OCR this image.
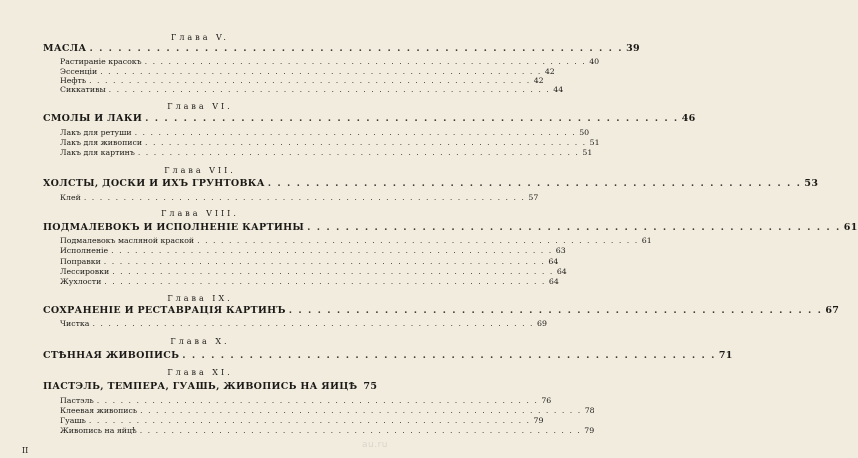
Глава V.
МАСЛА . . .	39
Растираніе красокъ . . .	40
Эссенціи . . .	42
Нефть . . .	42
Сиккативы . . .	44
Глава VI.
СМОЛЫ И ЛАКИ . . .	46
Лакъ для ретуши . . .	50
Лакъ для живописи . . .	51
Лакъ для картинъ . . .	51
Глава VII.
ХОЛСТЫ, ДОСКИ И ИХЪ ГРУНТОВКА . . .	53
Клей . . .	57
Глава VIII.
ПОДМАЛЕВОКЪ И ИСПОЛНЕНІЕ КАРТИНЫ . . .	61
Подмалевокъ масляной краской . . .	61
Исполненіе . . .	63
Поправки . . .	64
Лессировки . . .	64
Жухлости . . .	64
Глава IX.
СОХРАНЕНІЕ И РЕСТАВРАЦІЯ КАРТИНЪ . . .	67
Чистка . . .	69
Глава X.
СТѢННАЯ ЖИВОПИСЬ . . .	71
Глава XI.
ПАСТЭЛЬ, ТЕМПЕРА, ГУАШЬ, ЖИВОПИСЬ НА ЯИЦѢ 75
Пастэль . . .	76
Клеевая живопись . . .	78
Гуашь . . .	79
Живопись на яйцѣ . . .	79
II
au.ru
